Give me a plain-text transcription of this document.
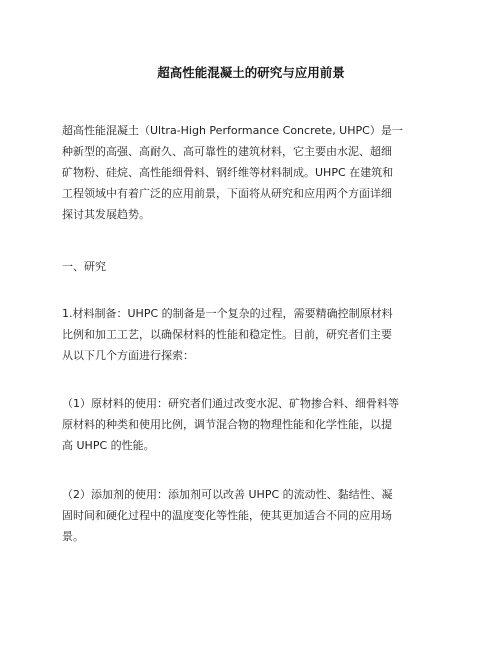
超高性能混凝土的研究与应用前景
超高性能混凝土（Ultra-High Performance Concrete, UHPC）是一
种新型的高强、高耐久、高可靠性的建筑材料，它主要由水泥、超细
矿物粉、硅烷、高性能细骨料、钢纤维等材料制成。UHPC 在建筑和
工程领域中有着广泛的应用前景，下面将从研究和应用两个方面详细
探讨其发展趋势。
一、研究
1.材料制备：UHPC 的制备是一个复杂的过程，需要精确控制原材料
比例和加工工艺，以确保材料的性能和稳定性。目前，研究者们主要
从以下几个方面进行探索：
（1）原材料的使用：研究者们通过改变水泥、矿物掺合料、细骨料等
原材料的种类和使用比例，调节混合物的物理性能和化学性能，以提
高 UHPC 的性能。
（2）添加剂的使用：添加剂可以改善 UHPC 的流动性、黏结性、凝
固时间和硬化过程中的温度变化等性能，使其更加适合不同的应用场
景。
